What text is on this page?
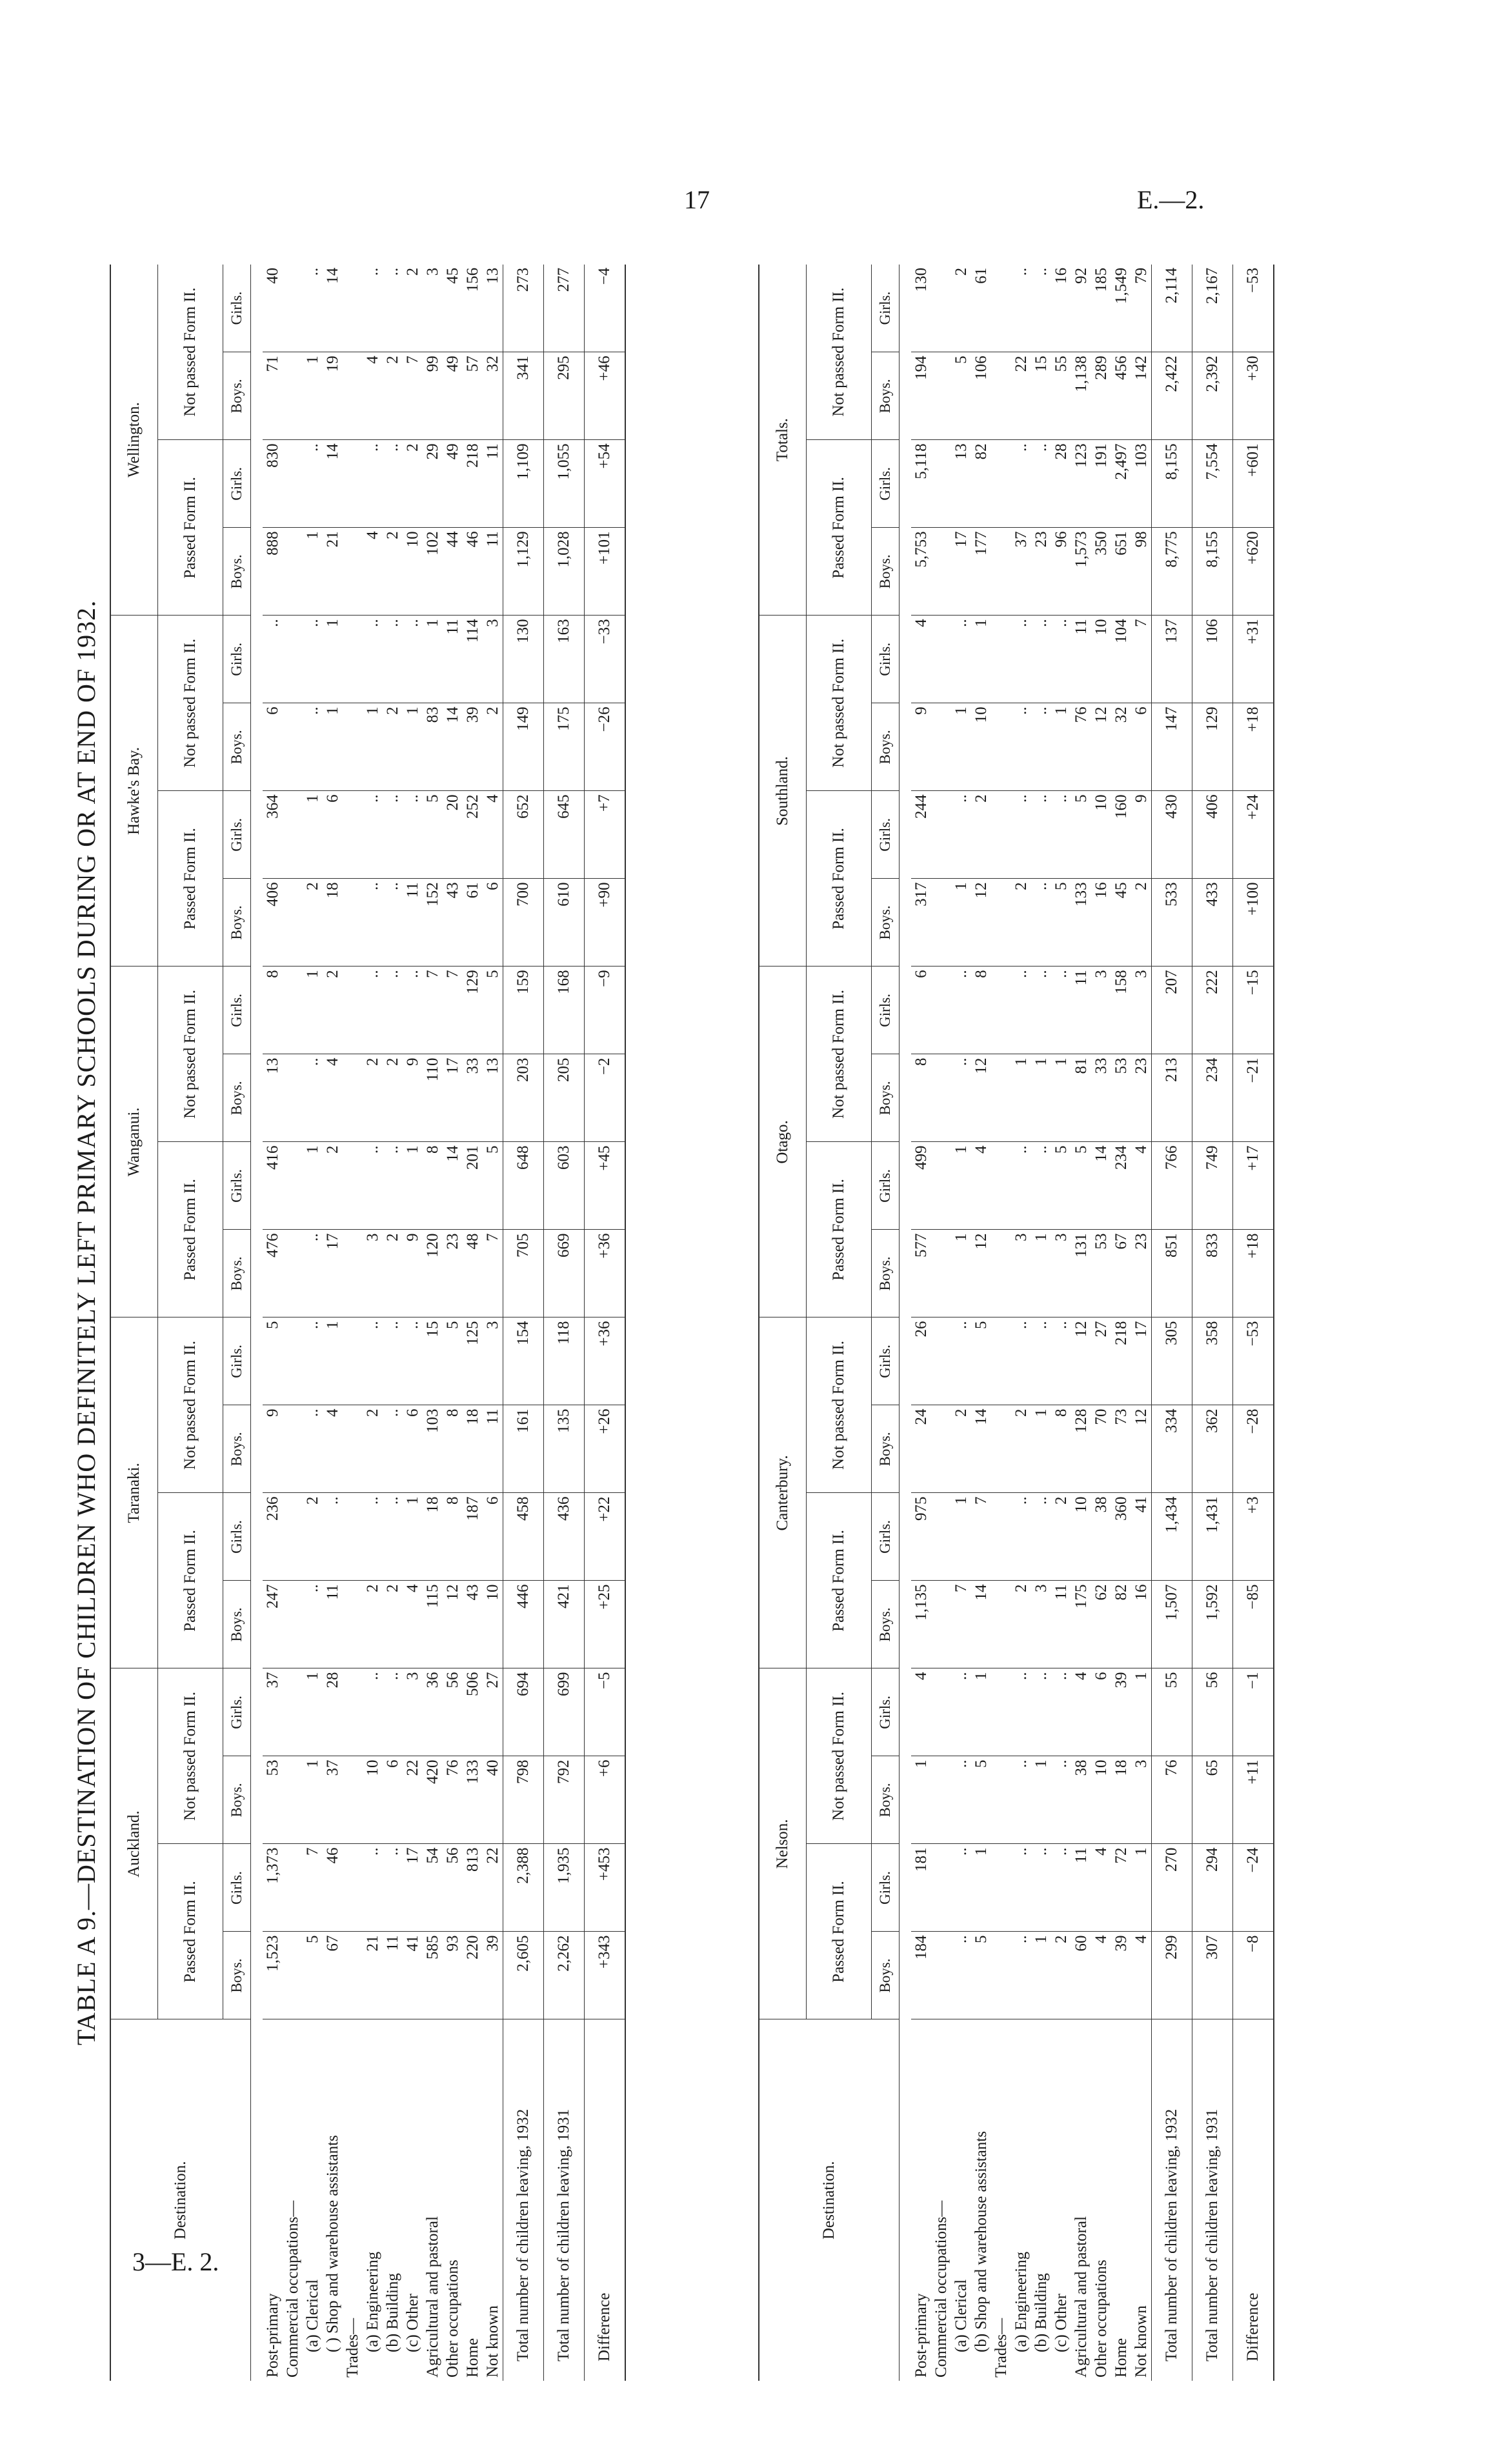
17	E.—2.
3—E. 2.
TABLE A 9.—DESTINATION OF CHILDREN WHO DEFINITELY LEFT PRIMARY SCHOOLS DURING OR AT END OF 1932.
Destination.	Auckland.				Taranaki.				Wanganui.				Hawke's Bay.				Wellington.			
	Passed Form II.		Not passed Form II.		Passed Form II.		Not passed Form II.		Passed Form II.		Not passed Form II.		Passed Form II.		Not passed Form II.		Passed Form II.		Not passed Form II.	
	Boys.	Girls.	Boys.	Girls.	Boys.	Girls.	Boys.	Girls.	Boys.	Girls.	Boys.	Girls.	Boys.	Girls.	Boys.	Girls.	Boys.	Girls.	Boys.	Girls.

Post-primary	1,523	1,373	53	37	247	236	9	5	476	416	13	8	406	364	6	..	888	830	71	40
Commercial occupations—																				
(a) Clerical	5	7	1	1	..	2	..	..	..	1	..	1	2	1	..	..	1	..	1	..
( ) Shop and warehouse assistants	67	46	37	28	11	..	4	1	17	2	4	2	18	6	1	1	21	14	19	14
Trades—																				
(a) Engineering	21	..	10	..	2	..	2	..	3	..	2	..	..	..	1	..	4	..	4	..
(b) Building	11	..	6	..	2	..	..	..	2	..	2	..	..	..	2	..	2	..	2	..
(c) Other	41	17	22	3	4	1	6	..	9	1	9	..	11	..	1	..	10	2	7	2
Agricultural and pastoral	585	54	420	36	115	18	103	15	120	8	110	7	152	5	83	1	102	29	99	3
Other occupations	93	56	76	56	12	8	8	5	23	14	17	7	43	20	14	11	44	49	49	45
Home	220	813	133	506	43	187	18	125	48	201	33	129	61	252	39	114	46	218	57	156
Not known	39	22	40	27	10	6	11	3	7	5	13	5	6	4	2	3	11	11	32	13
Total number of children leaving, 1932	2,605	2,388	798	694	446	458	161	154	705	648	203	159	700	652	149	130	1,129	1,109	341	273
Total number of children leaving, 1931	2,262	1,935	792	699	421	436	135	118	669	603	205	168	610	645	175	163	1,028	1,055	295	277
Difference	+343	+453	+6	−5	+25	+22	+26	+36	+36	+45	−2	−9	+90	+7	−26	−33	+101	+54	+46	−4
Destination.	Nelson.				Canterbury.				Otago.				Southland.				Totals.			
	Passed Form II.		Not passed Form II.		Passed Form II.		Not passed Form II.		Passed Form II.		Not passed Form II.		Passed Form II.		Not passed Form II.		Passed Form II.		Not passed Form II.	
	Boys.	Girls.	Boys.	Girls.	Boys.	Girls.	Boys.	Girls.	Boys.	Girls.	Boys.	Girls.	Boys.	Girls.	Boys.	Girls.	Boys.	Girls.	Boys.	Girls.

Post-primary	184	181	1	4	1,135	975	24	26	577	499	8	6	317	244	9	4	5,753	5,118	194	130
Commercial occupations—																				
(a) Clerical	..	..	..	..	7	1	2	..	1	1	..	..	1	..	1	..	17	13	5	2
(b) Shop and warehouse assistants	5	1	5	1	14	7	14	5	12	4	12	8	12	2	10	1	177	82	106	61
Trades—																				
(a) Engineering	..	..	..	..	2	..	2	..	3	..	1	..	2	..	..	..	37	..	22	..
(b) Building	1	..	1	..	3	..	1	..	1	..	1	..	..	..	..	..	23	..	15	..
(c) Other	2	..	..	..	11	2	8	..	3	5	1	..	5	..	1	..	96	28	55	16
Agricultural and pastoral	60	11	38	4	175	10	128	12	131	5	81	11	133	5	76	11	1,573	123	1,138	92
Other occupations	4	4	10	6	62	38	70	27	53	14	33	3	16	10	12	10	350	191	289	185
Home	39	72	18	39	82	360	73	218	67	234	53	158	45	160	32	104	651	2,497	456	1,549
Not known	4	1	3	1	16	41	12	17	23	4	23	3	2	9	6	7	98	103	142	79
Total number of children leaving, 1932	299	270	76	55	1,507	1,434	334	305	851	766	213	207	533	430	147	137	8,775	8,155	2,422	2,114
Total number of children leaving, 1931	307	294	65	56	1,592	1,431	362	358	833	749	234	222	433	406	129	106	8,155	7,554	2,392	2,167
Difference	−8	−24	+11	−1	−85	+3	−28	−53	+18	+17	−21	−15	+100	+24	+18	+31	+620	+601	+30	−53
